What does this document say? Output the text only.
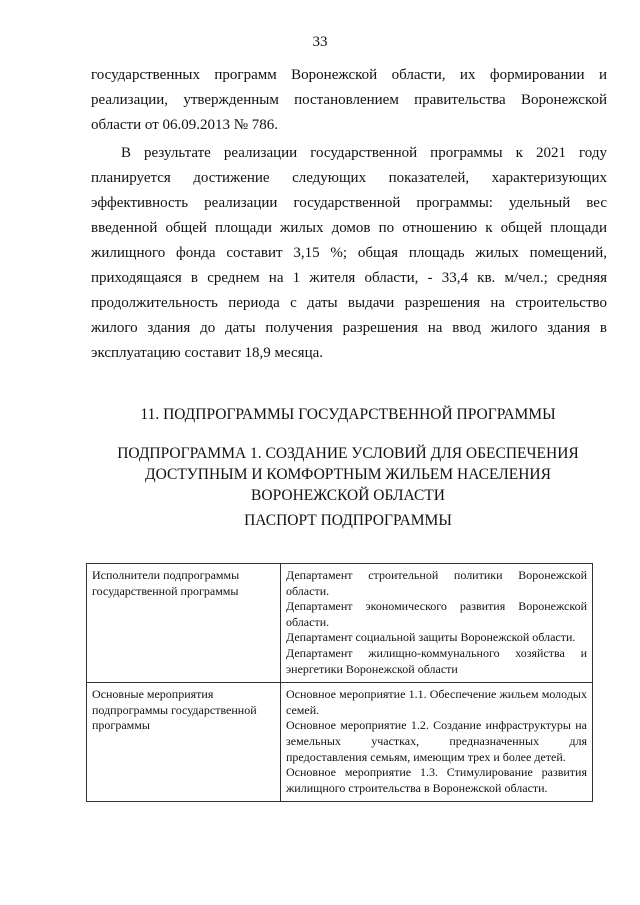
33

государственных программ Воронежской области, их формировании и реализации, утвержденным постановлением правительства Воронежской области от 06.09.2013 № 786.

В результате реализации государственной программы к 2021 году планируется достижение следующих показателей, характеризующих эффективность реализации государственной программы: удельный вес введенной общей площади жилых домов по отношению к общей площади жилищного фонда составит 3,15 %; общая площадь жилых помещений, приходящаяся в среднем на 1 жителя области, - 33,4 кв. м/чел.; средняя продолжительность периода с даты выдачи разрешения на строительство жилого здания до даты получения разрешения на ввод жилого здания в эксплуатацию составит 18,9 месяца.

11. ПОДПРОГРАММЫ ГОСУДАРСТВЕННОЙ ПРОГРАММЫ
ПОДПРОГРАММА 1. СОЗДАНИЕ УСЛОВИЙ ДЛЯ ОБЕСПЕЧЕНИЯ
ДОСТУПНЫМ И КОМФОРТНЫМ ЖИЛЬЕМ НАСЕЛЕНИЯ
ВОРОНЕЖСКОЙ ОБЛАСТИ
ПАСПОРТ ПОДПРОГРАММЫ
Исполнители подпрограммы государственной программы	Департамент строительной политики Воронежской области.
Департамент экономического развития Воронежской области.
Департамент социальной защиты Воронежской области.
Департамент жилищно-коммунального хозяйства и энергетики Воронежской области

Основные мероприятия подпрограммы государственной программы	Основное мероприятие 1.1. Обеспечение жильем молодых семей.
Основное мероприятие 1.2. Создание инфраструктуры на земельных участках, предназначенных для предоставления семьям, имеющим трех и более детей.
Основное мероприятие 1.3. Стимулирование развития жилищного строительства в Воронежской области.
